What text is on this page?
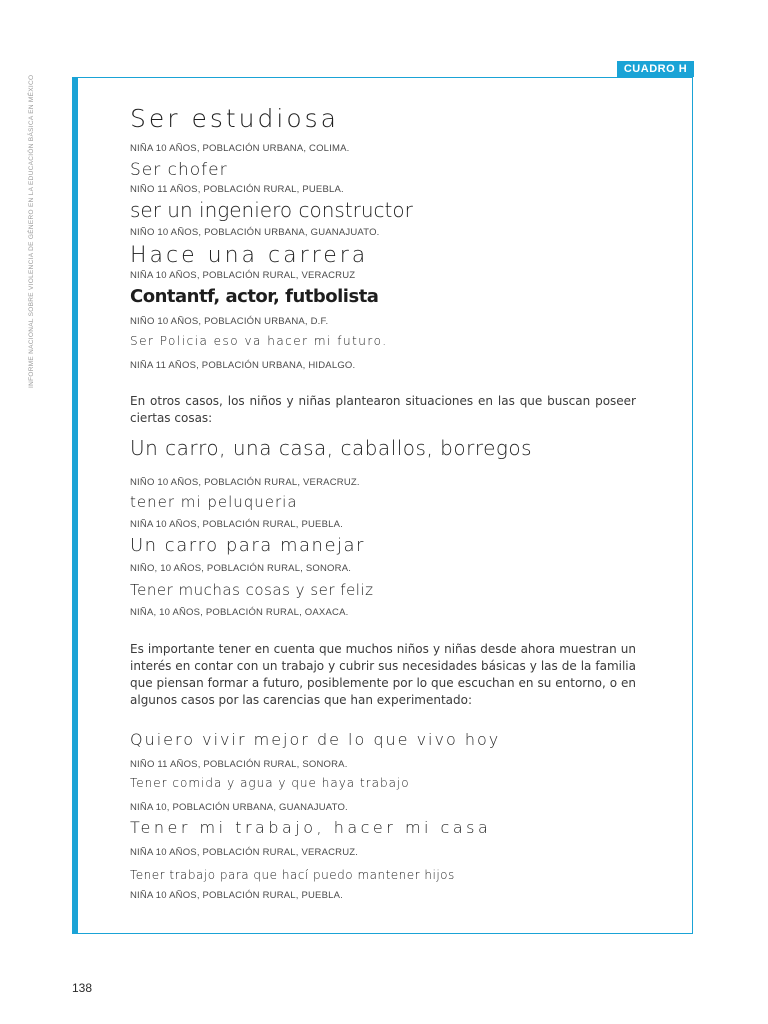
INFORME NACIONAL SOBRE VIOLENCIA DE GÉNERO EN LA EDUCACIÓN BÁSICA EN MÉXICO
CUADRO H
Ser estudiosa
NIÑA 10 AÑOS, POBLACIÓN URBANA, COLIMA.
Ser chofer
NIÑO 11 AÑOS, POBLACIÓN RURAL, PUEBLA.
ser un ingeniero constructor
NIÑO 10 AÑOS, POBLACIÓN URBANA, GUANAJUATO.
Hace una carrera
NIÑA 10 AÑOS, POBLACIÓN RURAL, VERACRUZ
Contantf, actor, futbolista
NIÑO 10 AÑOS, POBLACIÓN URBANA, D.F.
Ser Policia eso va hacer mi futuro.
NIÑA 11 AÑOS, POBLACIÓN URBANA, HIDALGO.
En otros casos, los niños y niñas plantearon situaciones en las que buscan poseer ciertas cosas:
Un carro, una casa, caballos, borregos
NIÑO 10 AÑOS, POBLACIÓN RURAL, VERACRUZ.
tener mi peluqueria
NIÑA 10 AÑOS, POBLACIÓN RURAL, PUEBLA.
Un carro para manejar
NIÑO, 10 AÑOS, POBLACIÓN RURAL, SONORA.
Tener muchas cosas y ser feliz
NIÑA, 10 AÑOS, POBLACIÓN RURAL, OAXACA.
Es importante tener en cuenta que muchos niños y niñas desde ahora muestran un interés en contar con un trabajo y cubrir sus necesidades básicas y las de la familia que piensan formar a futuro, posiblemente por lo que escuchan en su entorno, o en algunos casos por las carencias que han experimentado:
Quiero vivir mejor de lo que vivo hoy
NIÑO 11 AÑOS, POBLACIÓN RURAL, SONORA.
Tener comida y agua y que haya trabajo
NIÑA 10, POBLACIÓN URBANA, GUANAJUATO.
Tener mi trabajo, hacer mi casa
NIÑA 10 AÑOS, POBLACIÓN RURAL, VERACRUZ.
Tener trabajo para que hací puedo mantener hijos
NIÑA 10 AÑOS, POBLACIÓN RURAL, PUEBLA.
138
